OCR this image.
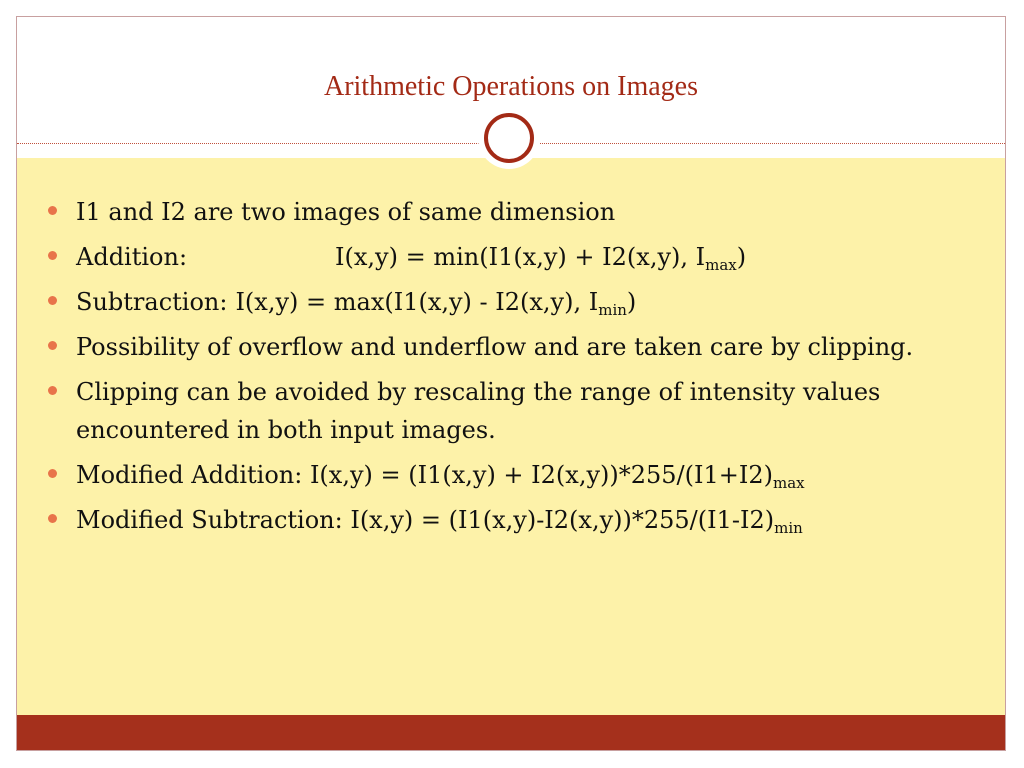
Arithmetic Operations on Images
I1 and I2 are two images of same dimension
Addition:	I(x,y) = min(I1(x,y) + I2(x,y), $I_{max}$)
Subtraction: I(x,y) = max(I1(x,y) - I2(x,y), $I_{min}$)
Possibility of overflow and underflow and are taken care by clipping.
Clipping can be avoided by rescaling the range of intensity values encountered in both input images.
Modified Addition: $I(x,y) = (I1(x,y) + I2(x,y))*255/(I1+I2)_{max}$
Modified Subtraction: $I(x,y) = (I1(x,y)-I2(x,y))*255/(I1-I2)_{min}$
